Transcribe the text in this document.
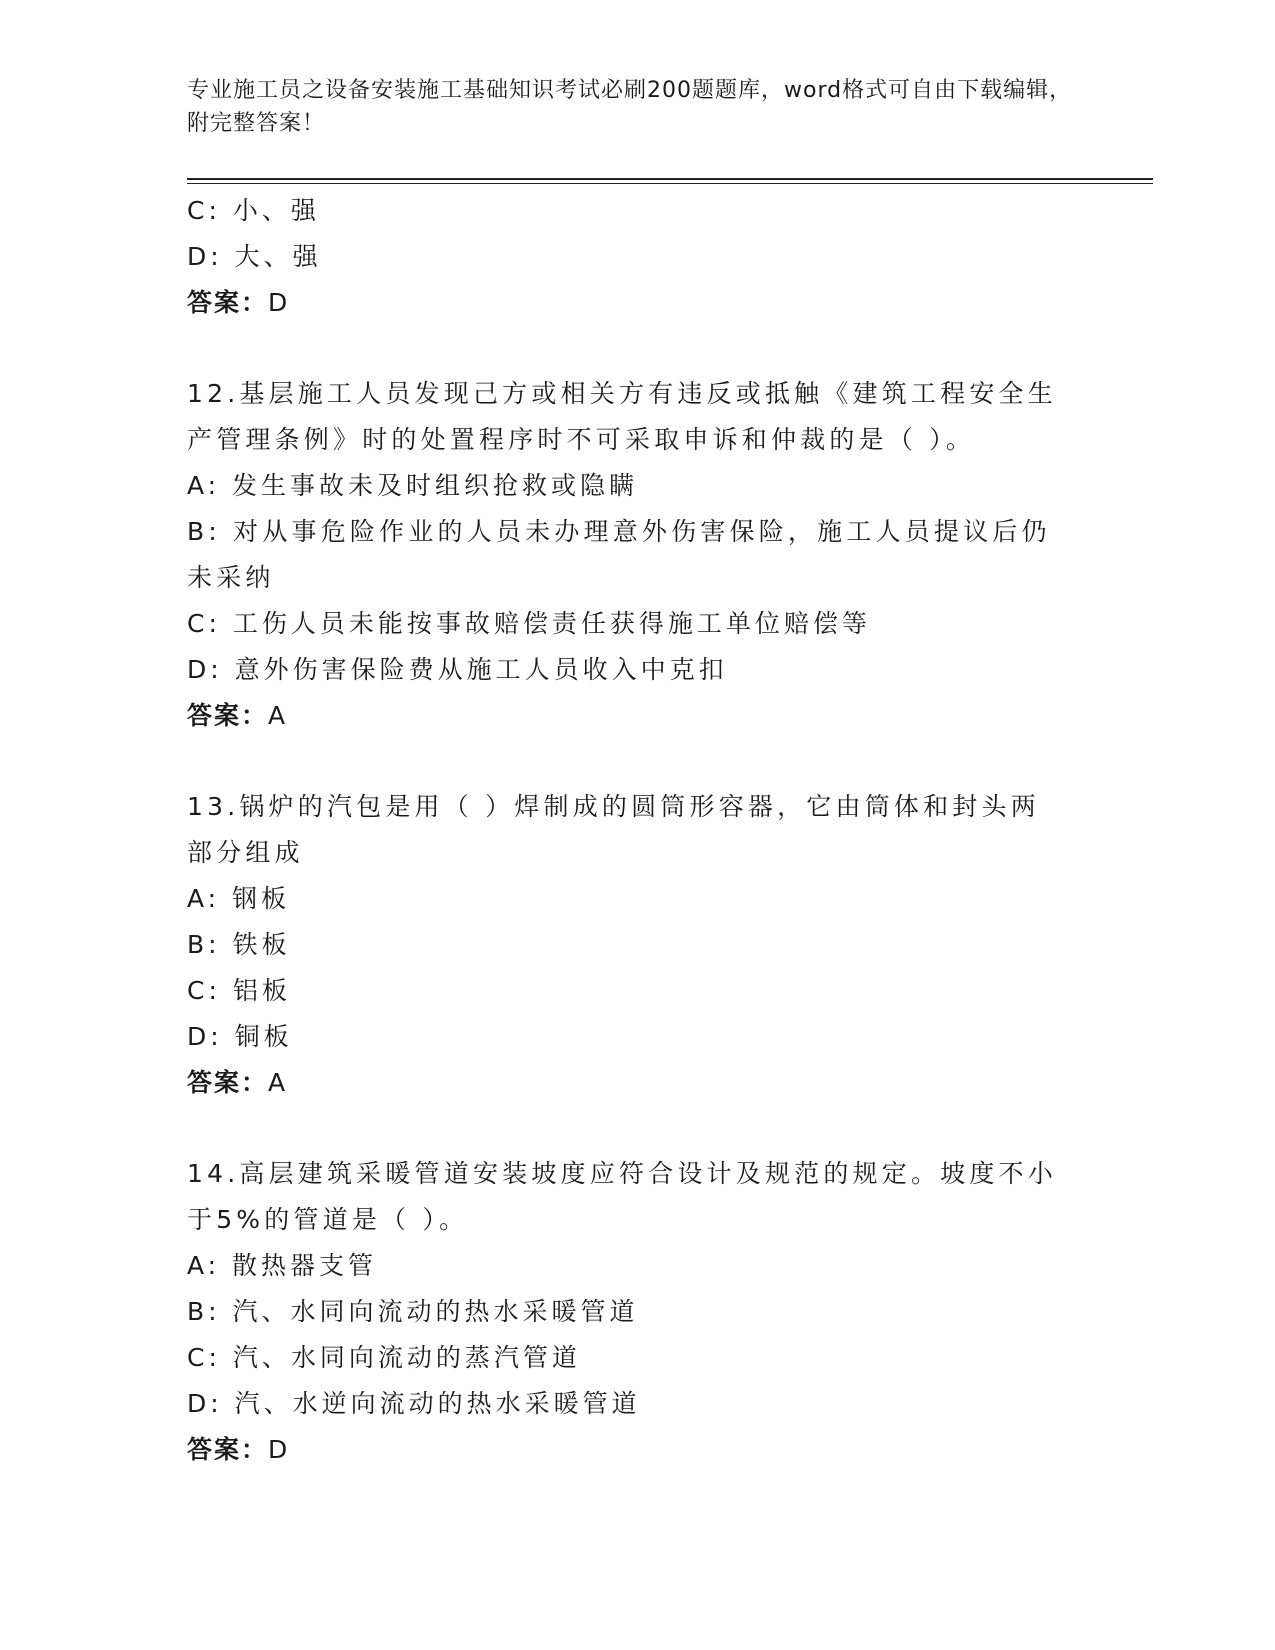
专业施工员之设备安装施工基础知识考试必刷200题题库，word格式可自由下载编辑，附完整答案！
C: 小、强
D: 大、强
答案：D
12.基层施工人员发现己方或相关方有违反或抵触《建筑工程安全生产管理条例》时的处置程序时不可采取申诉和仲裁的是（ ）。
A: 发生事故未及时组织抢救或隐瞒
B: 对从事危险作业的人员未办理意外伤害保险，施工人员提议后仍未采纳
C: 工伤人员未能按事故赔偿责任获得施工单位赔偿等
D: 意外伤害保险费从施工人员收入中克扣
答案：A
13.锅炉的汽包是用（ ）焊制成的圆筒形容器，它由筒体和封头两部分组成
A: 钢板
B: 铁板
C: 铝板
D: 铜板
答案：A
14.高层建筑采暖管道安装坡度应符合设计及规范的规定。坡度不小于5%的管道是（ ）。
A: 散热器支管
B: 汽、水同向流动的热水采暖管道
C: 汽、水同向流动的蒸汽管道
D: 汽、水逆向流动的热水采暖管道
答案：D
